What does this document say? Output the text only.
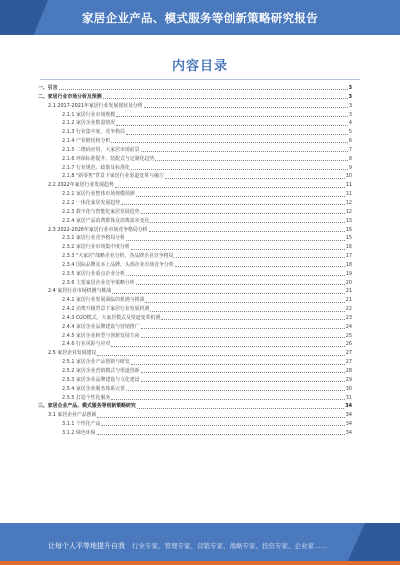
家居企业产品、模式服务等创新策略研究报告
内容目录
一、引言	3
二、家居行业市场分析及预测	3
2.1 2017-2021年家居行业发展现状及分析	3
2.1.1 家居行业市场规模	3
2.1.2 家居企业数量情况	4
2.1.3 行业集中度、竞争格局	5
2.1.4 产业链结构分析	6
2.1.5 二维码应用、大家居市场前景	7
2.1.6 环保标准提升、装配式与定制化趋势	8
2.1.7 行业规范、政策及标准化	9
2.1.8 "新零售"背景下家居行业渠道变革与融合	10
2.2 2022年家居行业发展趋势	11
2.2.1 家居行业整体市场规模预测	11
2.2.2 一体化家居发展趋势	12
2.2.3 数字化与智能化家居发展趋势	12
2.2.4 家居产品消费群体及消费需求变化	13
2.3 2022-2026年家居行业市场竞争格局分析	15
2.3.1 家居行业竞争格局分析	15
2.3.2 家居行业市场集中度分析	16
2.3.3 "大家居"战略企业分析、各品牌企业竞争格局	17
2.3.4 国际品牌及本土品牌、头部企业市场竞争分析	18
2.3.5 家居行业重点企业分析	19
2.3.6 主要家居企业竞争策略分析	20
2.4 家居行业市场机遇与挑战	21
2.4.1 家居行业发展面临的机遇与挑战	21
2.4.2 消费升级背景下家居行业发展机遇	22
2.4.3 O2O模式、大家居模式及渠道变革机遇	23
2.4.4 家居企业品牌建设与营销推广	24
2.4.5 家居企业转型与创新发展方向	25
2.4.6 行业风险与应对	26
2.5 家居企业发展建议	27
2.5.1 家居企业产品创新与研发	27
2.5.2 家居企业营销模式与渠道创新	28
2.5.3 家居企业品牌建设与文化建设	29
2.5.4 家居企业服务体系完善	30
2.5.5 打造个性化服务	31
三、家居企业产品、模式服务等创新策略研究	34
3.1 家居企业产品创新	34
3.1.1 个性化产品	34
3.1.2 绿色环保	34
让每个人平等地提升自我 行业专家、管理专家、营销专家、战略专家、投资专家、企业家……
